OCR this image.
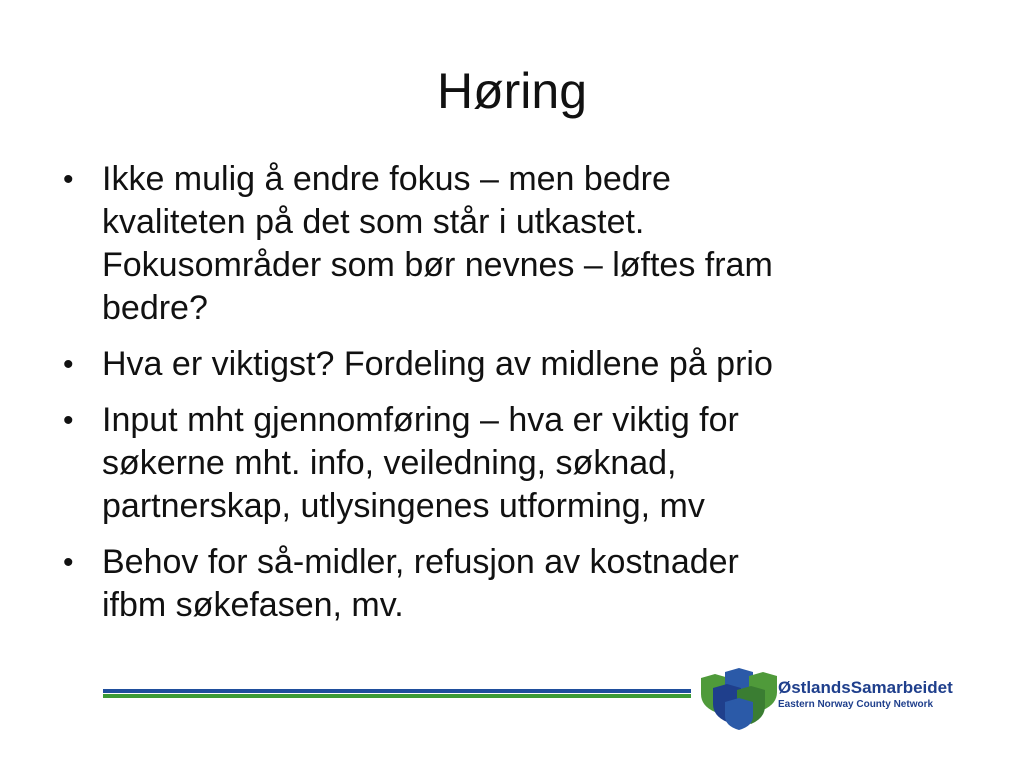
Høring
• Ikke mulig å endre fokus – men bedre
kvaliteten på det som står i utkastet.
Fokusområder som bør nevnes – løftes fram
bedre?
• Hva er viktigst? Fordeling av midlene på prio
• Input mht gjennomføring – hva er viktig for
søkerne mht. info, veiledning, søknad,
partnerskap, utlysingenes utforming, mv
• Behov for så-midler, refusjon av kostnader
ifbm søkefasen, mv.
ØstlandsSamarbeidet
Eastern Norway County Network
